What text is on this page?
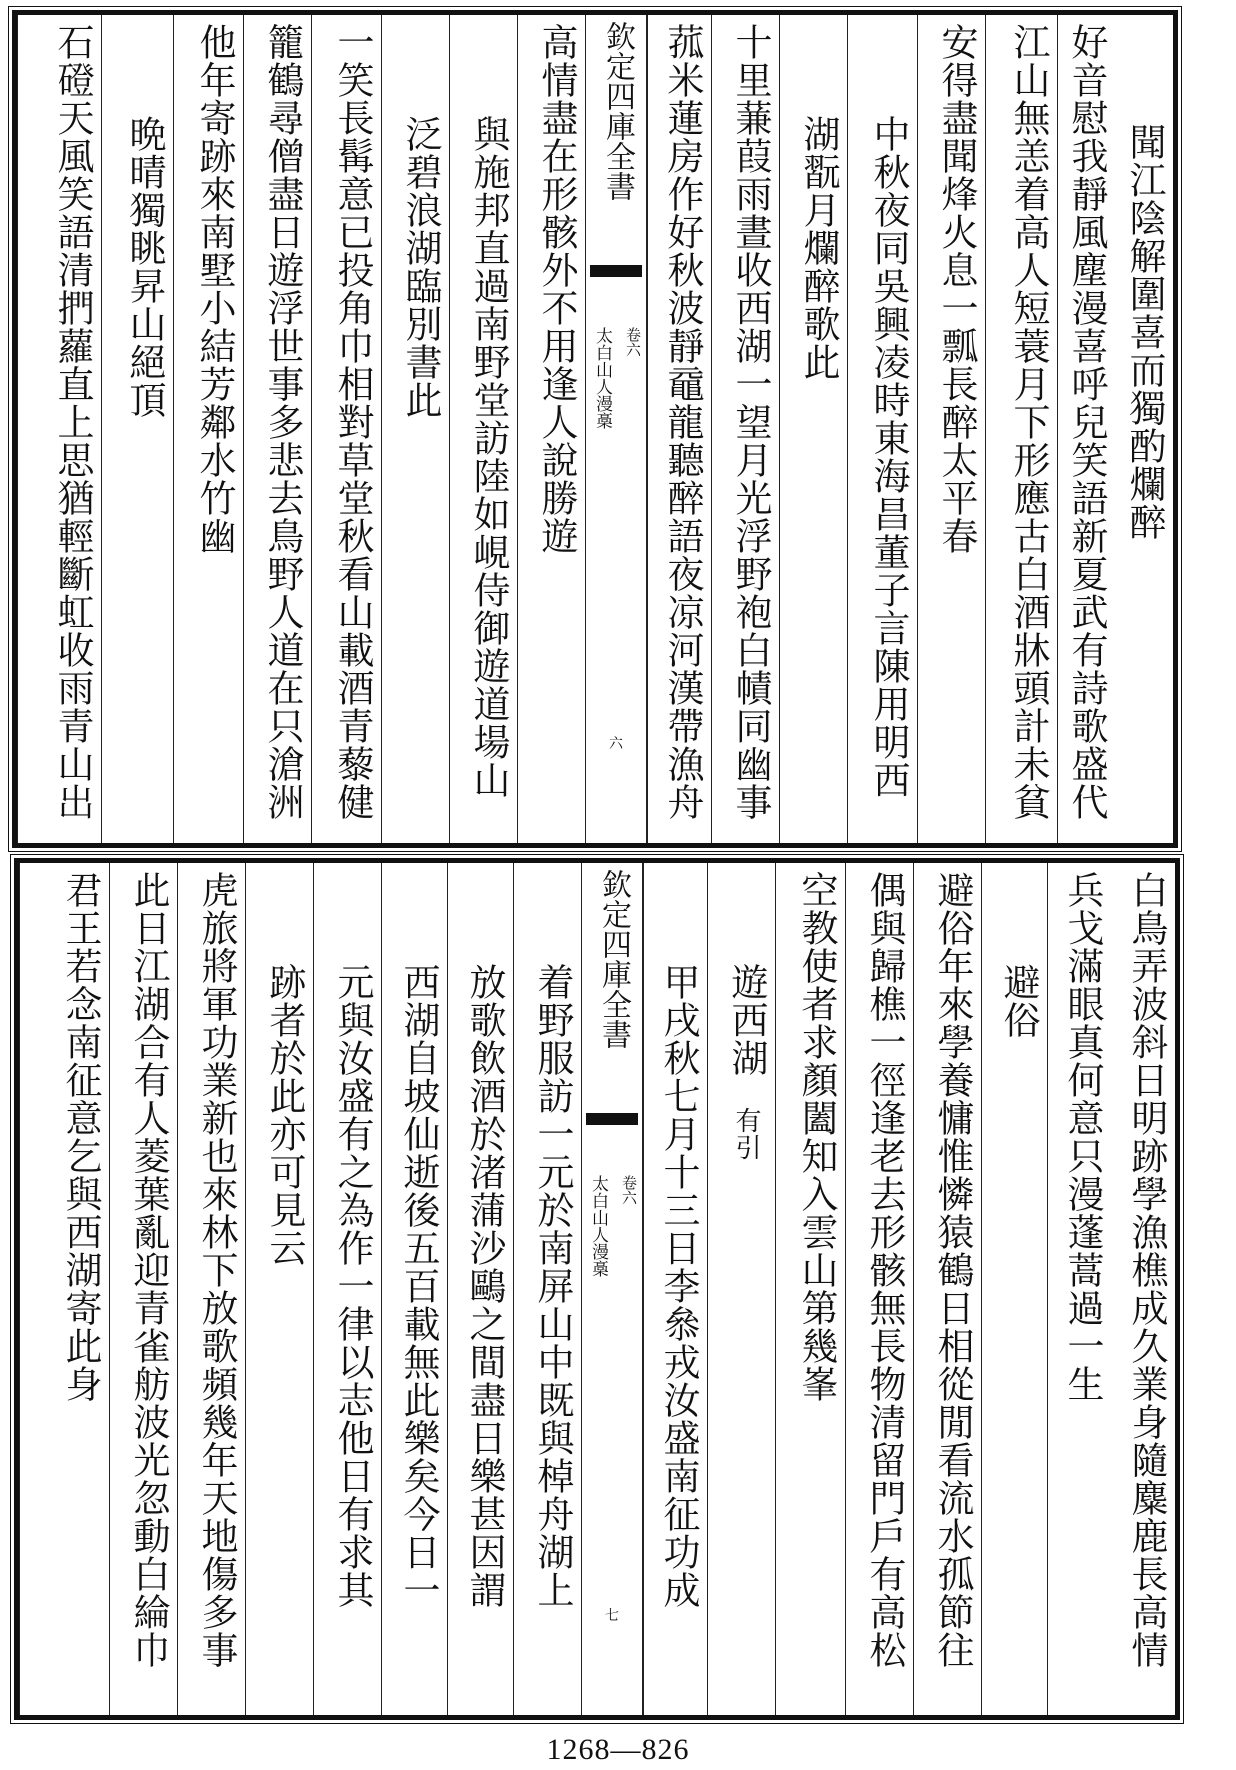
聞江陰解圍喜而獨酌爛醉
好音慰我靜風塵漫喜呼兒笑語新夏武有詩歌盛代
江山無恙着高人短蓑月下形應古白酒牀頭計未貧
安得盡聞烽火息一瓢長醉太平春
中秋夜同吳興凌時東海昌董子言陳用明西
湖翫月爛醉歌此
十里蒹葭雨晝收西湖一望月光浮野袍白幘同幽事
菰米蓮房作好秋波靜黿龍聽醉語夜凉河漢帶漁舟
欽定四庫全書
太白山人漫槀 卷六
六
高情盡在形骸外不用逢人說勝遊
與施邦直過南野堂訪陸如峴侍御遊道場山
泛碧浪湖臨別書此
一笑長髯意已投角巾相對草堂秋看山載酒青藜健
籠鶴尋僧盡日遊浮世事多悲去鳥野人道在只滄洲
他年寄跡來南墅小結芳鄰水竹幽
晩晴獨眺昇山絕頂
石磴天風笑語清捫蘿直上思猶輕斷虹收雨青山出
白鳥弄波斜日明跡學漁樵成久業身隨麋鹿長高情
兵戈滿眼真何意只漫蓬蒿過一生
避俗
避俗年來學養慵惟憐猿鶴日相從閒看流水孤節往
偶與歸樵一徑逢老去形骸無長物清留門戶有高松
空教使者求顏闔知入雲山第幾峯
遊西湖有引
甲戌秋七月十三日李叅戎汝盛南征功成
欽定四庫全書
太白山人漫槀 卷六
七
着野服訪一元於南屏山中既與棹舟湖上
放歌飲酒於渚蒲沙鷗之間盡日樂甚因謂
西湖自坡仙逝後五百載無此樂矣今日一
元與汝盛有之為作一律以志他日有求其
跡者於此亦可見云
虎旅將軍功業新也來林下放歌頻幾年天地傷多事
此日江湖合有人菱葉亂迎青雀舫波光忽動白綸巾
君王若念南征意乞與西湖寄此身
1268—826
